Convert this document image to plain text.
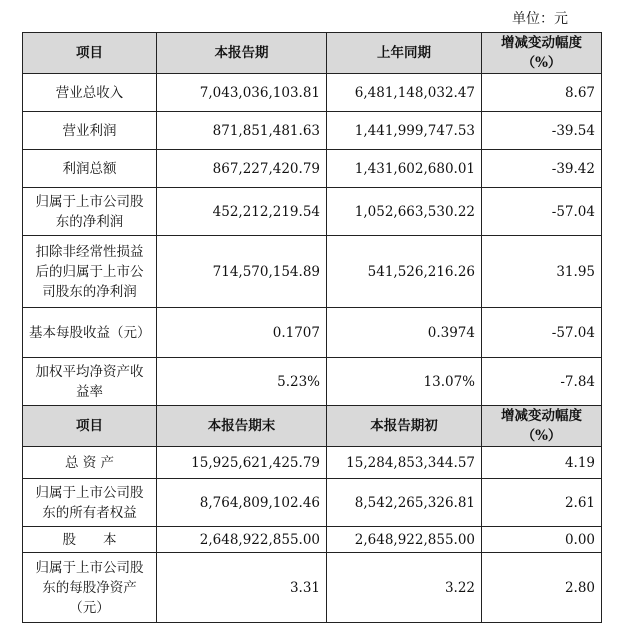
单位：元
项目	本报告期	上年同期	增减变动幅度（%）
营业总收入	7,043,036,103.81	6,481,148,032.47	8.67
营业利润	871,851,481.63	1,441,999,747.53	-39.54
利润总额	867,227,420.79	1,431,602,680.01	-39.42
归属于上市公司股东的净利润	452,212,219.54	1,052,663,530.22	-57.04
扣除非经常性损益后的归属于上市公司股东的净利润	714,570,154.89	541,526,216.26	31.95
基本每股收益（元）	0.1707	0.3974	-57.04
加权平均净资产收益率	5.23%	13.07%	-7.84
项目	本报告期末	本报告期初	增减变动幅度（%）
总 资 产	15,925,621,425.79	15,284,853,344.57	4.19
归属于上市公司股东的所有者权益	8,764,809,102.46	8,542,265,326.81	2.61
股　　本	2,648,922,855.00	2,648,922,855.00	0.00
归属于上市公司股东的每股净资产（元）	3.31	3.22	2.80
